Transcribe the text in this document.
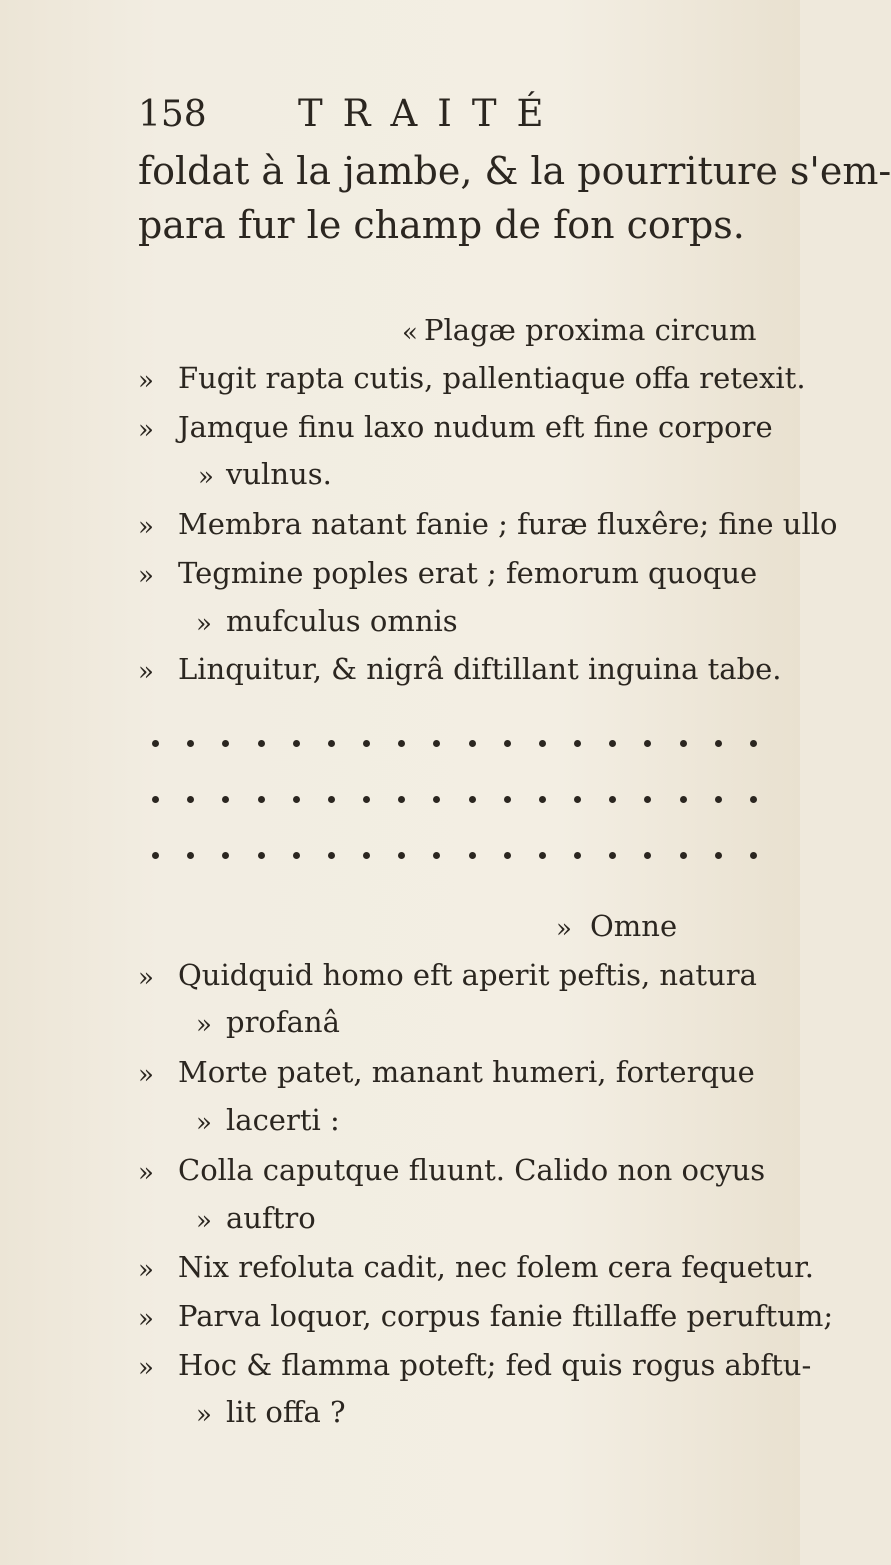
158 TRAITÉ
foldat à la jambe, & la pourriture s'em-
para fur le champ de fon corps.
« Plagæ proxima circum
» Fugit rapta cutis, pallentiaque offa retexit.
» Jamque finu laxo nudum eft fine corpore
» vulnus.
» Membra natant fanie ; furæ fluxêre; fine ullo
» Tegmine poples erat ; femorum quoque
» mufculus omnis
» Linquitur, & nigrâ diftillant inguina tabe.
» Omne
» Quidquid homo eft aperit peftis, natura
» profanâ
» Morte patet, manant humeri, forterque
» lacerti :
» Colla caputque fluunt. Calido non ocyus
» auftro
» Nix refoluta cadit, nec folem cera fequetur.
» Parva loquor, corpus fanie ftillaffe peruftum;
» Hoc & flamma poteft; fed quis rogus abftu-
» lit offa ?
